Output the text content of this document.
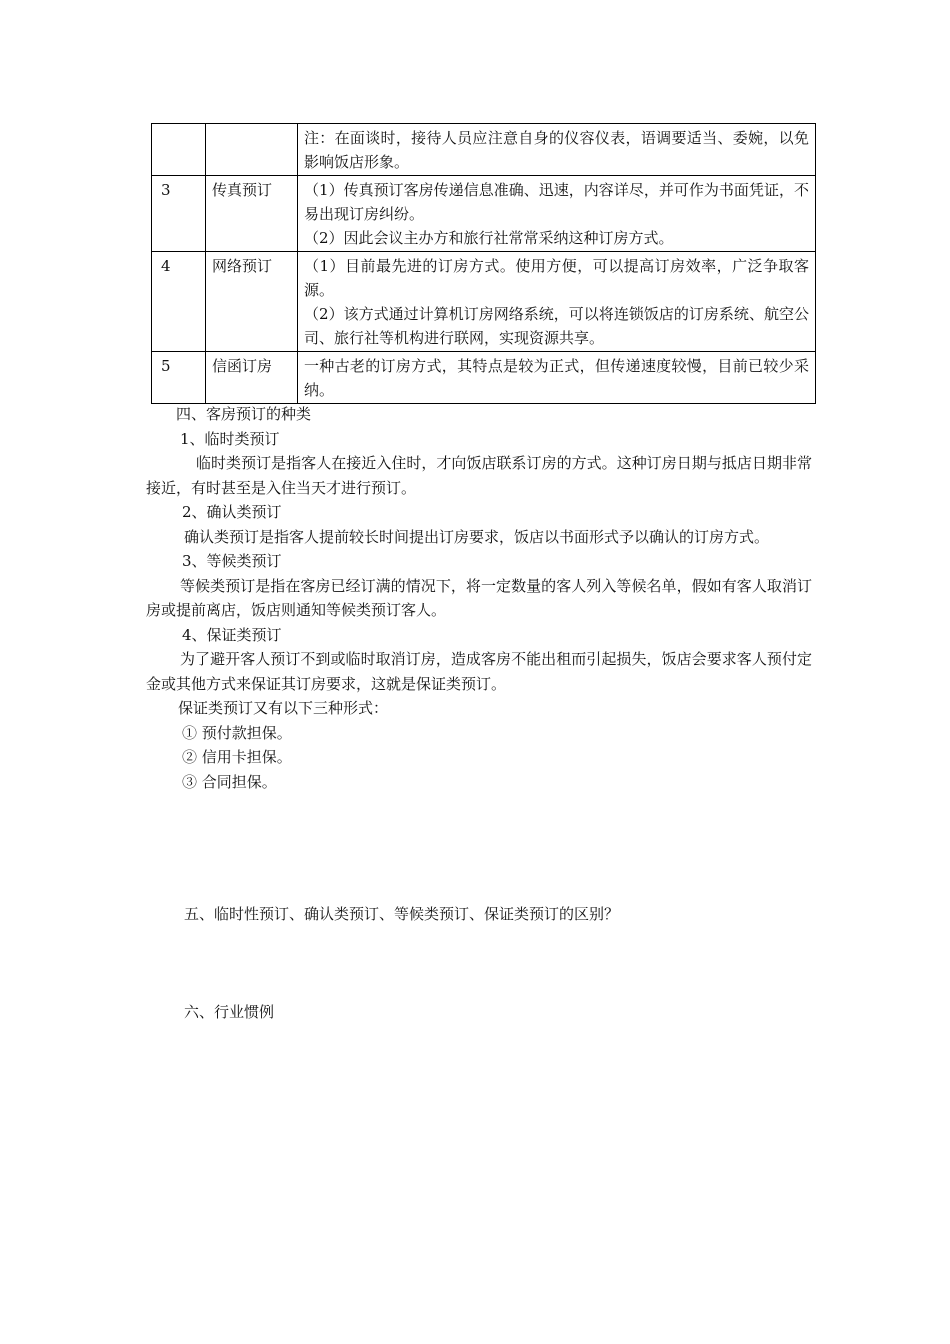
		注：在面谈时，接待人员应注意自身的仪容仪表，语调要适当、委婉，以免影响饭店形象。

3	传真预订	（1）传真预订客房传递信息准确、迅速，内容详尽，并可作为书面凭证，不易出现订房纠纷。

（2）因此会议主办方和旅行社常常采纳这种订房方式。

4	网络预订	（1）目前最先进的订房方式。使用方便，可以提高订房效率，广泛争取客源。

（2）该方式通过计算机订房网络系统，可以将连锁饭店的订房系统、航空公司、旅行社等机构进行联网，实现资源共享。

5	信函订房	一种古老的订房方式，其特点是较为正式，但传递速度较慢，目前已较少采纳。

四、客房预订的种类

1、临时类预订

临时类预订是指客人在接近入住时，才向饭店联系订房的方式。这种订房日期与抵店日期非常接近，有时甚至是入住当天才进行预订。

2、确认类预订

确认类预订是指客人提前较长时间提出订房要求，饭店以书面形式予以确认的订房方式。

3、等候类预订

等候类预订是指在客房已经订满的情况下，将一定数量的客人列入等候名单，假如有客人取消订房或提前离店，饭店则通知等候类预订客人。

4、保证类预订

为了避开客人预订不到或临时取消订房，造成客房不能出租而引起损失，饭店会要求客人预付定金或其他方式来保证其订房要求，这就是保证类预订。

保证类预订又有以下三种形式：

① 预付款担保。

② 信用卡担保。

③ 合同担保。

五、临时性预订、确认类预订、等候类预订、保证类预订的区别？

六、行业惯例
